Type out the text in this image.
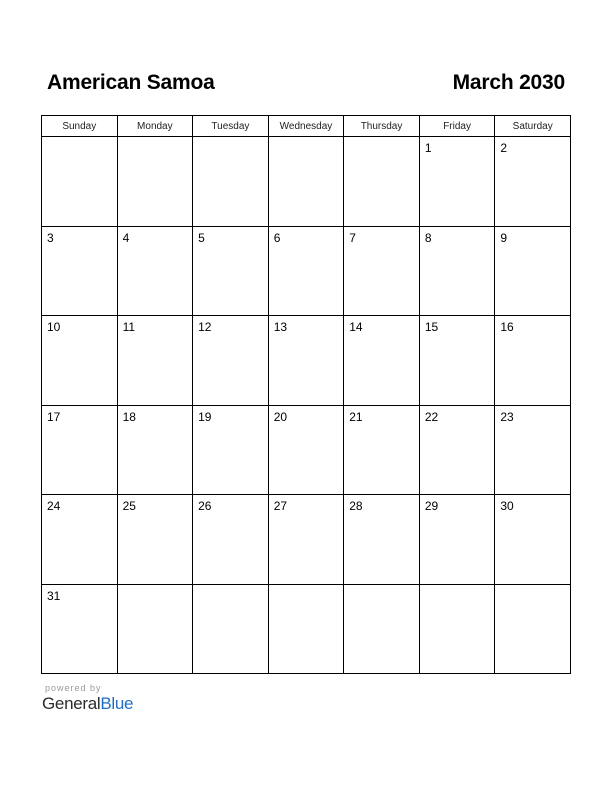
American Samoa	March 2030
Sunday	Monday	Tuesday	Wednesday	Thursday	Friday	Saturday

					1	2

3	4	5	6	7	8	9

10	11	12	13	14	15	16

17	18	19	20	21	22	23

24	25	26	27	28	29	30

31						

powered by
GeneralBlue
